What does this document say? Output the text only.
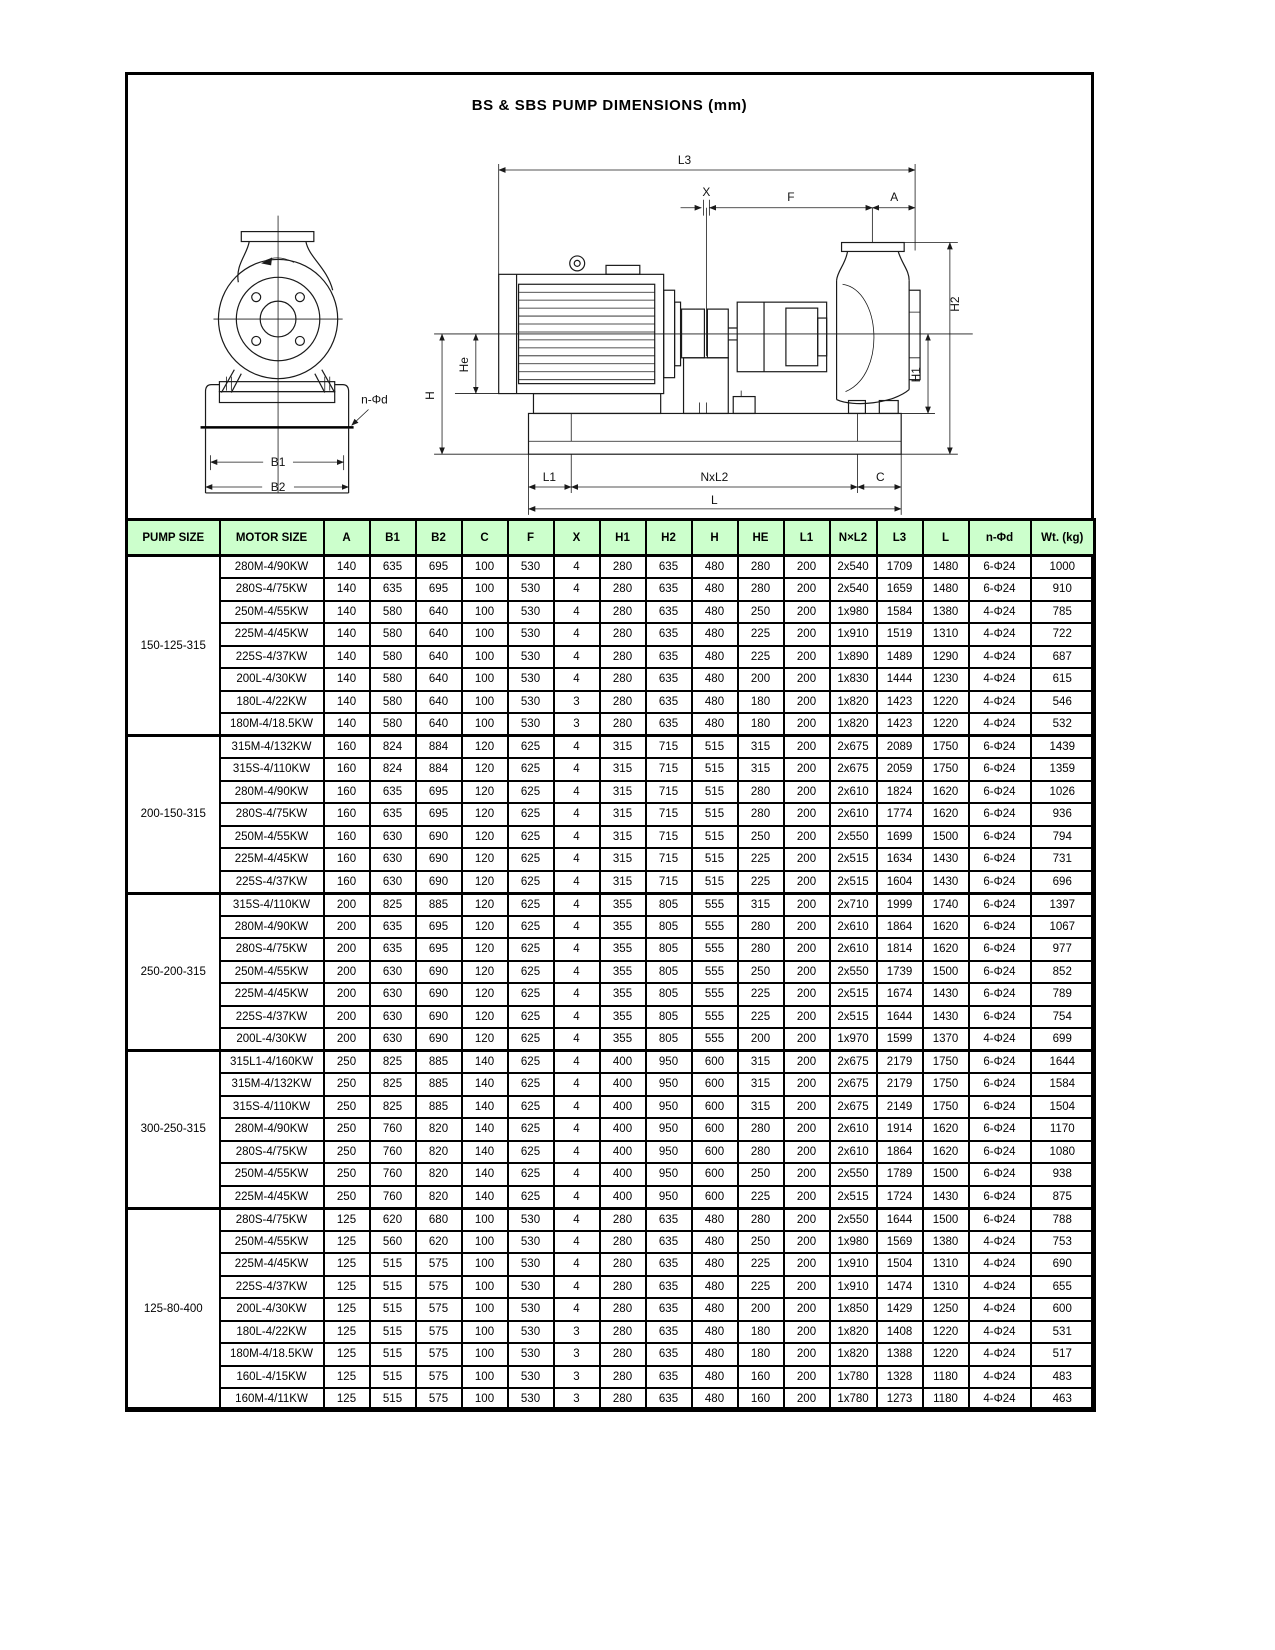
BS & SBS PUMP DIMENSIONS (mm)
B1
B2
n-Φd
L3
X	F	A
He
H
H1
H2
L1	NxL2	C
L
PUMP SIZE	MOTOR SIZE	A	B1	B2	C	F	X	H1	H2	H	HE	L1	N×L2	L3	L	n-Φd	Wt. (kg)
150-125-315	280M-4/90KW	140	635	695	100	530	4	280	635	480	280	200	2x540	1709	1480	6-Φ24	1000
	280S-4/75KW	140	635	695	100	530	4	280	635	480	280	200	2x540	1659	1480	6-Φ24	910
	250M-4/55KW	140	580	640	100	530	4	280	635	480	250	200	1x980	1584	1380	4-Φ24	785
	225M-4/45KW	140	580	640	100	530	4	280	635	480	225	200	1x910	1519	1310	4-Φ24	722
	225S-4/37KW	140	580	640	100	530	4	280	635	480	225	200	1x890	1489	1290	4-Φ24	687
	200L-4/30KW	140	580	640	100	530	4	280	635	480	200	200	1x830	1444	1230	4-Φ24	615
	180L-4/22KW	140	580	640	100	530	3	280	635	480	180	200	1x820	1423	1220	4-Φ24	546
	180M-4/18.5KW	140	580	640	100	530	3	280	635	480	180	200	1x820	1423	1220	4-Φ24	532
200-150-315	315M-4/132KW	160	824	884	120	625	4	315	715	515	315	200	2x675	2089	1750	6-Φ24	1439
	315S-4/110KW	160	824	884	120	625	4	315	715	515	315	200	2x675	2059	1750	6-Φ24	1359
	280M-4/90KW	160	635	695	120	625	4	315	715	515	280	200	2x610	1824	1620	6-Φ24	1026
	280S-4/75KW	160	635	695	120	625	4	315	715	515	280	200	2x610	1774	1620	6-Φ24	936
	250M-4/55KW	160	630	690	120	625	4	315	715	515	250	200	2x550	1699	1500	6-Φ24	794
	225M-4/45KW	160	630	690	120	625	4	315	715	515	225	200	2x515	1634	1430	6-Φ24	731
	225S-4/37KW	160	630	690	120	625	4	315	715	515	225	200	2x515	1604	1430	6-Φ24	696
250-200-315	315S-4/110KW	200	825	885	120	625	4	355	805	555	315	200	2x710	1999	1740	6-Φ24	1397
	280M-4/90KW	200	635	695	120	625	4	355	805	555	280	200	2x610	1864	1620	6-Φ24	1067
	280S-4/75KW	200	635	695	120	625	4	355	805	555	280	200	2x610	1814	1620	6-Φ24	977
	250M-4/55KW	200	630	690	120	625	4	355	805	555	250	200	2x550	1739	1500	6-Φ24	852
	225M-4/45KW	200	630	690	120	625	4	355	805	555	225	200	2x515	1674	1430	6-Φ24	789
	225S-4/37KW	200	630	690	120	625	4	355	805	555	225	200	2x515	1644	1430	6-Φ24	754
	200L-4/30KW	200	630	690	120	625	4	355	805	555	200	200	1x970	1599	1370	4-Φ24	699
300-250-315	315L1-4/160KW	250	825	885	140	625	4	400	950	600	315	200	2x675	2179	1750	6-Φ24	1644
	315M-4/132KW	250	825	885	140	625	4	400	950	600	315	200	2x675	2179	1750	6-Φ24	1584
	315S-4/110KW	250	825	885	140	625	4	400	950	600	315	200	2x675	2149	1750	6-Φ24	1504
	280M-4/90KW	250	760	820	140	625	4	400	950	600	280	200	2x610	1914	1620	6-Φ24	1170
	280S-4/75KW	250	760	820	140	625	4	400	950	600	280	200	2x610	1864	1620	6-Φ24	1080
	250M-4/55KW	250	760	820	140	625	4	400	950	600	250	200	2x550	1789	1500	6-Φ24	938
	225M-4/45KW	250	760	820	140	625	4	400	950	600	225	200	2x515	1724	1430	6-Φ24	875
125-80-400	280S-4/75KW	125	620	680	100	530	4	280	635	480	280	200	2x550	1644	1500	6-Φ24	788
	250M-4/55KW	125	560	620	100	530	4	280	635	480	250	200	1x980	1569	1380	4-Φ24	753
	225M-4/45KW	125	515	575	100	530	4	280	635	480	225	200	1x910	1504	1310	4-Φ24	690
	225S-4/37KW	125	515	575	100	530	4	280	635	480	225	200	1x910	1474	1310	4-Φ24	655
	200L-4/30KW	125	515	575	100	530	4	280	635	480	200	200	1x850	1429	1250	4-Φ24	600
	180L-4/22KW	125	515	575	100	530	3	280	635	480	180	200	1x820	1408	1220	4-Φ24	531
	180M-4/18.5KW	125	515	575	100	530	3	280	635	480	180	200	1x820	1388	1220	4-Φ24	517
	160L-4/15KW	125	515	575	100	530	3	280	635	480	160	200	1x780	1328	1180	4-Φ24	483
	160M-4/11KW	125	515	575	100	530	3	280	635	480	160	200	1x780	1273	1180	4-Φ24	463
